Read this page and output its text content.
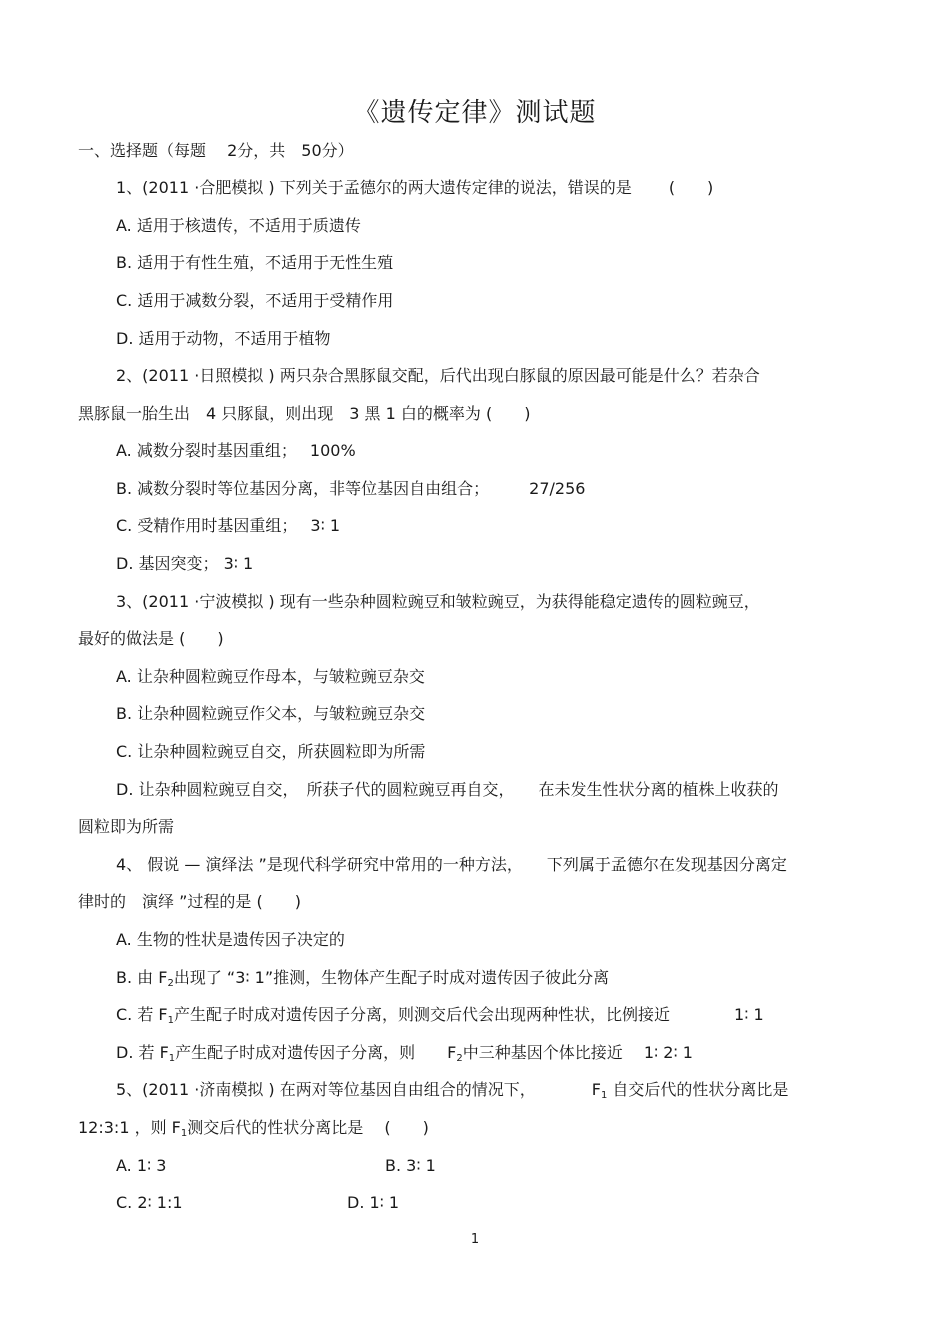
《遗传定律》测试题
一、选择题（每题　 2分，共　50分）
1、(2011 ·合肥模拟 ) 下列关于孟德尔的两大遗传定律的说法，错误的是　　 (　　)
A. 适用于核遗传，不适用于质遗传
B. 适用于有性生殖，不适用于无性生殖
C. 适用于减数分裂，不适用于受精作用
D. 适用于动物，不适用于植物
2、(2011 ·日照模拟 ) 两只杂合黑豚鼠交配，后代出现白豚鼠的原因最可能是什么？若杂合
黑豚鼠一胎生出　4 只豚鼠，则出现　3 黑 1 白的概率为 (　　)
A. 减数分裂时基因重组；　 100%
B. 减数分裂时等位基因分离，非等位基因自由组合；　　　27/256
C. 受精作用时基因重组；　 3∶ 1
D. 基因突变； 3∶ 1
3、(2011 ·宁波模拟 ) 现有一些杂种圆粒豌豆和皱粒豌豆，为获得能稳定遗传的圆粒豌豆，
最好的做法是 (　　)
A. 让杂种圆粒豌豆作母本，与皱粒豌豆杂交
B. 让杂种圆粒豌豆作父本，与皱粒豌豆杂交
C. 让杂种圆粒豌豆自交，所获圆粒即为所需
D. 让杂种圆粒豌豆自交，　所获子代的圆粒豌豆再自交，　　在未发生性状分离的植株上收获的
圆粒即为所需
4、 假说 — 演绎法 ”是现代科学研究中常用的一种方法，　　下列属于孟德尔在发现基因分离定
律时的　演绎 ”过程的是 (　　)
A. 生物的性状是遗传因子决定的
B. 由 $F_2$出现了 “3∶ 1”推测，生物体产生配子时成对遗传因子彼此分离
C. 若 $F_1$产生配子时成对遗传因子分离，则测交后代会出现两种性状，比例接近　　　　1∶ 1
D. 若 $F_1$产生配子时成对遗传因子分离，则　　$F_2$中三种基因个体比接近　 1∶ 2∶ 1
5、(2011 ·济南模拟 ) 在两对等位基因自由组合的情况下，　　　　$F_1$ 自交后代的性状分离比是
12:3:1 ，则 $F_1$测交后代的性状分离比是　 (　　)
A. 1∶ 3	B. 3∶ 1
C. 2∶ 1:1	D. 1∶ 1
1
